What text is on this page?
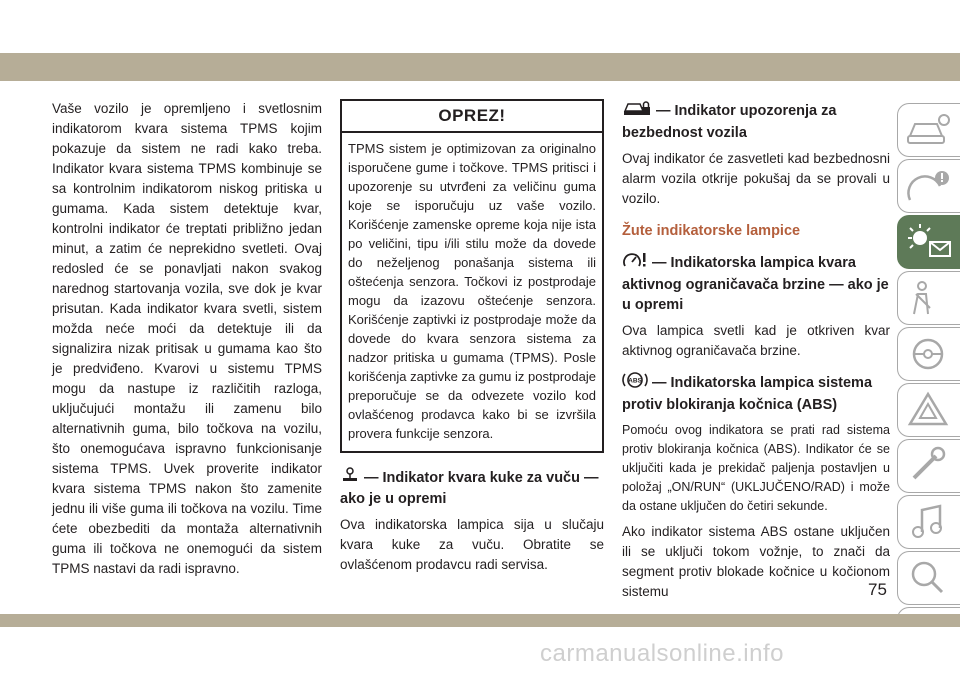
Vaše vozilo je opremljeno i svetlosnim indikatorom kvara sistema TPMS kojim pokazuje da sistem ne radi kako treba. Indikator kvara sistema TPMS kombinuje se sa kontrolnim indikatorom niskog pritiska u gumama. Kada sistem detektuje kvar, kontrolni indikator će treptati približno jedan minut, a zatim će neprekidno svetleti. Ovaj redosled će se ponavljati nakon svakog narednog startovanja vozila, sve dok je kvar prisutan. Kada indikator kvara svetli, sistem možda neće moći da detektuje ili da signalizira nizak pritisak u gumama kao što je predviđeno. Kvarovi u sistemu TPMS mogu da nastupe iz različitih razloga, uključujući montažu ili zamenu bilo alternativnih guma, bilo točkova na vozilu, što onemogućava ispravno funkcionisanje sistema TPMS. Uvek proverite indikator kvara sistema TPMS nakon što zamenite jednu ili više guma ili točkova na vozilu. Time ćete obezbediti da montaža alternativnih guma ili točkova ne onemogući da sistem TPMS nastavi da radi ispravno.
OPREZ!
TPMS sistem je optimizovan za originalno isporučene gume i točkove. TPMS pritisci i upozorenje su utvrđeni za veličinu guma koje se isporučuju uz vaše vozilo. Korišćenje zamenske opreme koja nije ista po veličini, tipu i/ili stilu može da dovede do neželjenog ponašanja sistema ili oštećenja senzora. Točkovi iz postprodaje mogu da izazovu oštećenje senzora. Korišćenje zaptivki iz postprodaje može da dovede do kvara senzora sistema za nadzor pritiska u gumama (TPMS). Posle korišćenja zaptivke za gumu iz postprodaje preporučuje se da odvezete vozilo kod ovlašćenog prodavca kako bi se izvršila provera funkcije senzora.
— Indikator kvara kuke za vuču — ako je u opremi
Ova indikatorska lampica sija u slučaju kvara kuke za vuču. Obratite se ovlašćenom prodavcu radi servisa.
— Indikator upozorenja za bezbednost vozila
Ovaj indikator će zasvetleti kad bezbednosni alarm vozila otkrije pokušaj da se provali u vozilo.
Žute indikatorske lampice
— Indikatorska lampica kvara aktivnog ograničavača brzine — ako je u opremi
Ova lampica svetli kad je otkriven kvar aktivnog ograničavača brzine.
ABS — Indikatorska lampica sistema protiv blokiranja kočnica (ABS)
Pomoću ovog indikatora se prati rad sistema protiv blokiranja kočnica (ABS). Indikator će se uključiti kada je prekidač paljenja postavljen u položaj „ON/RUN“ (UKLJUČENO/RAD) i može da ostane uključen do četiri sekunde.
Ako indikator sistema ABS ostane uključen ili se uključi tokom vožnje, to znači da segment protiv blokade kočnice u kočionom sistemu	75
carmanualsonline.info
